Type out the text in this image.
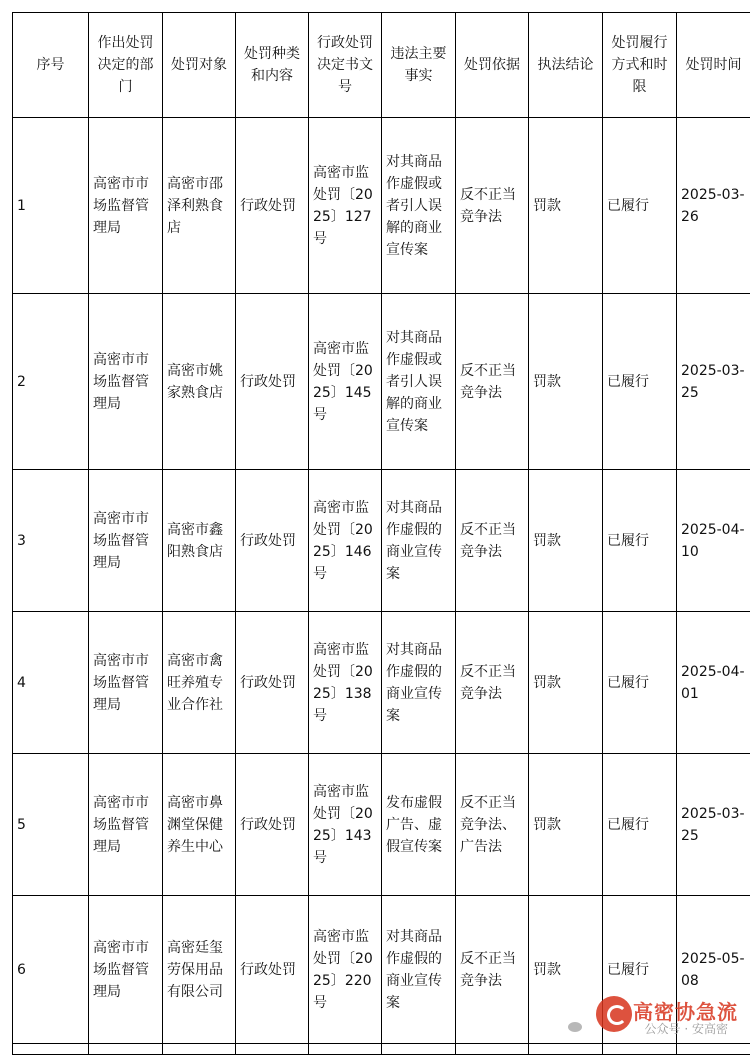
序号	作出处罚决定的部门	处罚对象	处罚种类和内容	行政处罚决定书文号	违法主要事实	处罚依据	执法结论	处罚履行方式和时限	处罚时间
1	高密市市场监督管理局	高密市邵泽利熟食店	行政处罚	高密市监处罚〔2025〕127号	对其商品作虚假或者引人误解的商业宣传案	反不正当竞争法	罚款	已履行	2025-03-26
2	高密市市场监督管理局	高密市姚家熟食店	行政处罚	高密市监处罚〔2025〕145号	对其商品作虚假或者引人误解的商业宣传案	反不正当竞争法	罚款	已履行	2025-03-25
3	高密市市场监督管理局	高密市鑫阳熟食店	行政处罚	高密市监处罚〔2025〕146号	对其商品作虚假的商业宣传案	反不正当竞争法	罚款	已履行	2025-04-10
4	高密市市场监督管理局	高密市禽旺养殖专业合作社	行政处罚	高密市监处罚〔2025〕138号	对其商品作虚假的商业宣传案	反不正当竞争法	罚款	已履行	2025-04-01
5	高密市市场监督管理局	高密市鼻渊堂保健养生中心	行政处罚	高密市监处罚〔2025〕143号	发布虚假广告、虚假宣传案	反不正当竞争法、广告法	罚款	已履行	2025-03-25
6	高密市市场监督管理局	高密廷玺劳保用品有限公司	行政处罚	高密市监处罚〔2025〕220号	对其商品作虚假的商业宣传案	反不正当竞争法	罚款	已履行	2025-05-08

高密协急流
公众号 · 安高密
